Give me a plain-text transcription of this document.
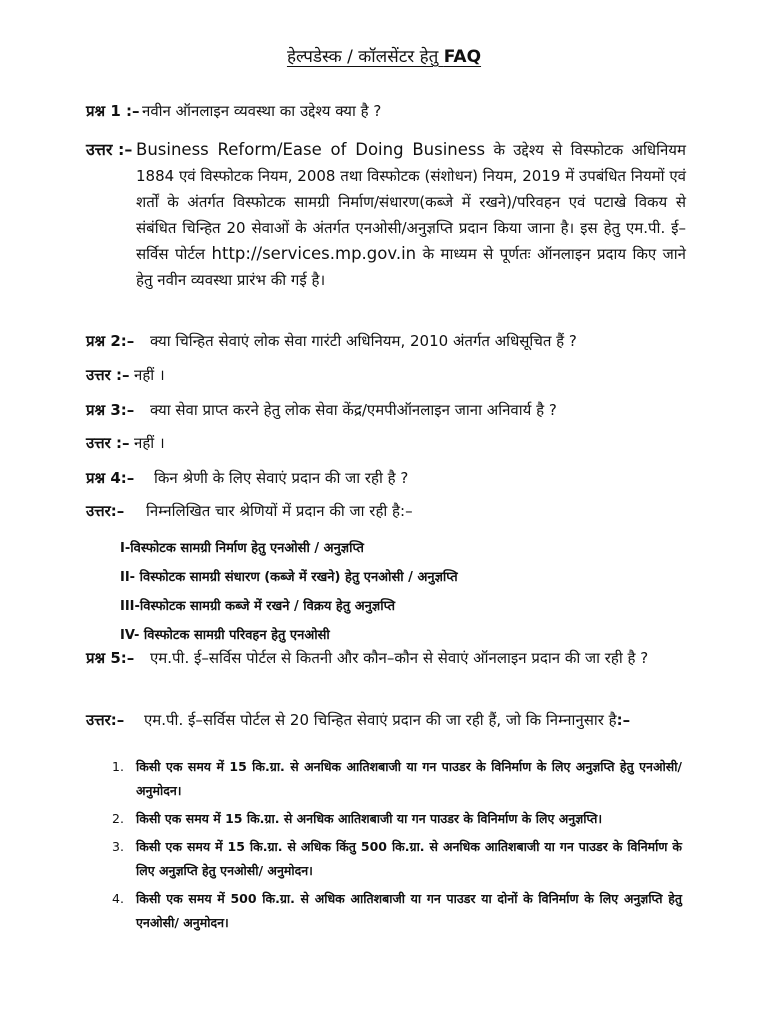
हेल्पडेस्क / कॉलसेंटर हेतु FAQ
प्रश्न 1 :– नवीन ऑनलाइन व्यवस्था का उद्देश्य क्या है ?
उत्तर :– Business Reform/Ease of Doing Business के उद्देश्य से विस्फोटक अधिनियम 1884 एवं विस्फोटक नियम, 2008 तथा विस्फोटक (संशोधन) नियम, 2019 में उपबंधित नियमों एवं शर्तों के अंतर्गत विस्फोटक सामग्री निर्माण/संधारण(कब्जे में रखने)/परिवहन एवं पटाखे विकय से संबंधित चिन्हित 20 सेवाओं के अंतर्गत एनओसी/अनुज्ञप्ति प्रदान किया जाना है। इस हेतु एम.पी. ई–सर्विस पोर्टल http://services.mp.gov.in के माध्यम से पूर्णतः ऑनलाइन प्रदाय किए जाने हेतु नवीन व्यवस्था प्रारंभ की गई है।
प्रश्न 2:–	क्या चिन्हित सेवाएं लोक सेवा गारंटी अधिनियम, 2010 अंतर्गत अधिसूचित हैं ?
उत्तर :– नहीं ।
प्रश्न 3:–	क्या सेवा प्राप्त करने हेतु लोक सेवा केंद्र/एमपीऑनलाइन जाना अनिवार्य है ?
उत्तर :– नहीं ।
प्रश्न 4:–	किन श्रेणी के लिए सेवाएं प्रदान की जा रही है ?
उत्तर:–	निम्नलिखित चार श्रेणियों में प्रदान की जा रही है:–
I-विस्फोटक सामग्री निर्माण हेतु एनओसी / अनुज्ञप्ति
II- विस्फोटक सामग्री संधारण (कब्जे में रखने) हेतु एनओसी / अनुज्ञप्ति
III-विस्फोटक सामग्री कब्जे में रखने / विक्रय हेतु अनुज्ञप्ति
IV- विस्फोटक सामग्री परिवहन हेतु एनओसी
प्रश्न 5:–	एम.पी. ई–सर्विस पोर्टल से कितनी और कौन–कौन से सेवाएं ऑनलाइन प्रदान की जा रही है ?
उत्तर:–	एम.पी. ई–सर्विस पोर्टल से 20 चिन्हित सेवाएं प्रदान की जा रही हैं, जो कि निम्नानुसार है:–
1. किसी एक समय में 15 कि.ग्रा. से अनधिक आतिशबाजी या गन पाउडर के विनिर्माण के लिए अनुज्ञप्ति हेतु एनओसी/ अनुमोदन।
2. किसी एक समय में 15 कि.ग्रा. से अनधिक आतिशबाजी या गन पाउडर के विनिर्माण के लिए अनुज्ञप्ति।
3. किसी एक समय में 15 कि.ग्रा. से अधिक किंतु 500 कि.ग्रा. से अनधिक आतिशबाजी या गन पाउडर के विनिर्माण के लिए अनुज्ञप्ति हेतु एनओसी/ अनुमोदन।
4. किसी एक समय में 500 कि.ग्रा. से अधिक आतिशबाजी या गन पाउडर या दोनों के विनिर्माण के लिए अनुज्ञप्ति हेतु एनओसी/ अनुमोदन।
